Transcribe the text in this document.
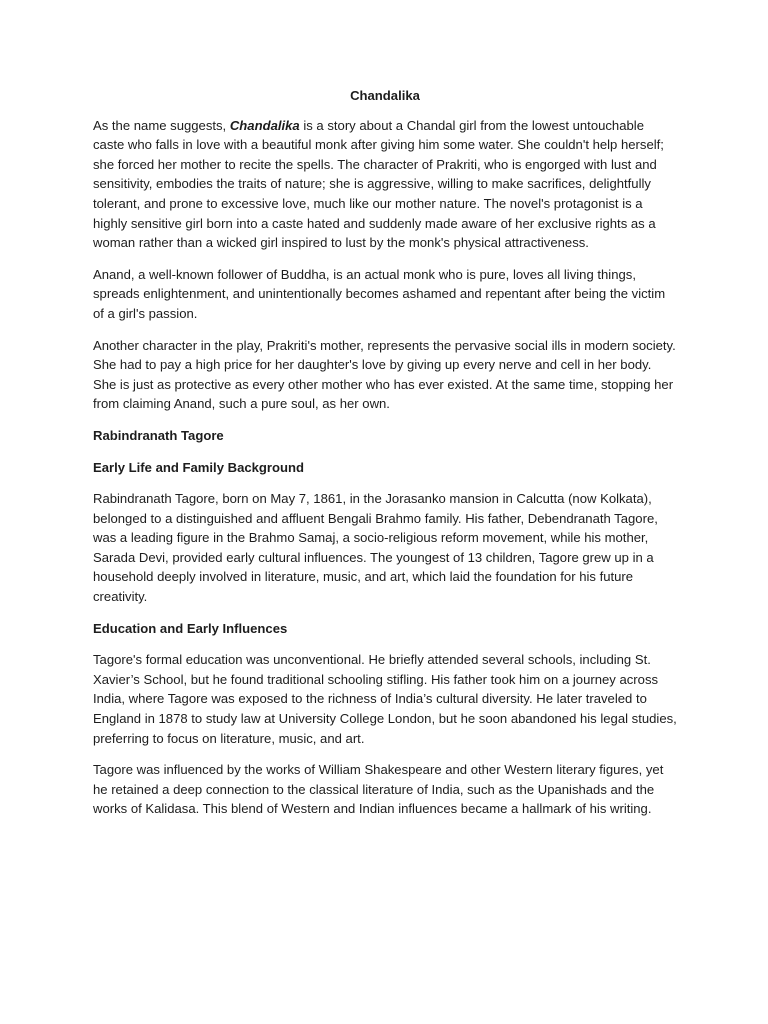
Chandalika

As the name suggests, Chandalika is a story about a Chandal girl from the lowest untouchable caste who falls in love with a beautiful monk after giving him some water. She couldn't help herself; she forced her mother to recite the spells. The character of Prakriti, who is engorged with lust and sensitivity, embodies the traits of nature; she is aggressive, willing to make sacrifices, delightfully tolerant, and prone to excessive love, much like our mother nature. The novel's protagonist is a highly sensitive girl born into a caste hated and suddenly made aware of her exclusive rights as a woman rather than a wicked girl inspired to lust by the monk's physical attractiveness.

Anand, a well-known follower of Buddha, is an actual monk who is pure, loves all living things, spreads enlightenment, and unintentionally becomes ashamed and repentant after being the victim of a girl's passion.

Another character in the play, Prakriti's mother, represents the pervasive social ills in modern society. She had to pay a high price for her daughter's love by giving up every nerve and cell in her body. She is just as protective as every other mother who has ever existed. At the same time, stopping her from claiming Anand, such a pure soul, as her own.

Rabindranath Tagore
Early Life and Family Background

Rabindranath Tagore, born on May 7, 1861, in the Jorasanko mansion in Calcutta (now Kolkata), belonged to a distinguished and affluent Bengali Brahmo family. His father, Debendranath Tagore, was a leading figure in the Brahmo Samaj, a socio-religious reform movement, while his mother, Sarada Devi, provided early cultural influences. The youngest of 13 children, Tagore grew up in a household deeply involved in literature, music, and art, which laid the foundation for his future creativity.

Education and Early Influences

Tagore's formal education was unconventional. He briefly attended several schools, including St. Xavier’s School, but he found traditional schooling stifling. His father took him on a journey across India, where Tagore was exposed to the richness of India’s cultural diversity. He later traveled to England in 1878 to study law at University College London, but he soon abandoned his legal studies, preferring to focus on literature, music, and art.

Tagore was influenced by the works of William Shakespeare and other Western literary figures, yet he retained a deep connection to the classical literature of India, such as the Upanishads and the works of Kalidasa. This blend of Western and Indian influences became a hallmark of his writing.
